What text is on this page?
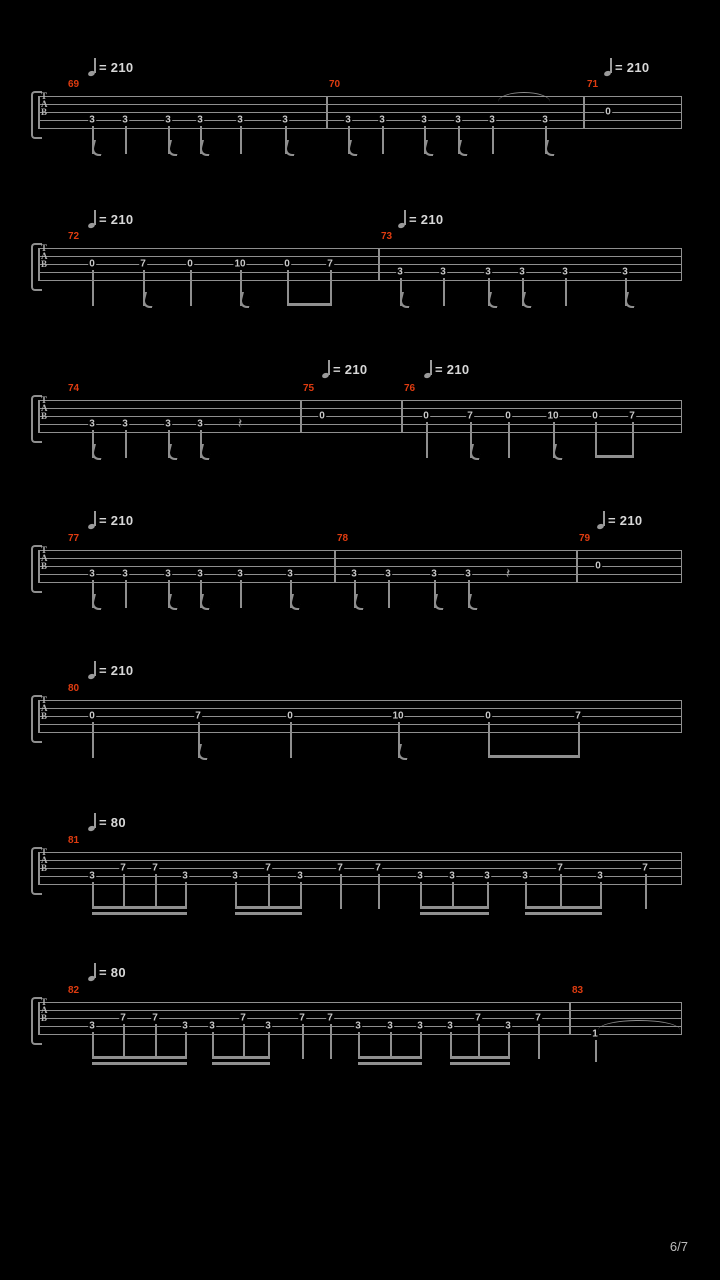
= 210	= 210
T
A
B
69	70	71
3	3	3	3	3	3	3	3	3	3	3	3
0
= 210	= 210
T
A
B
72	73
0	7	0	10	0	7
3	3	3	3	3	3
= 210	= 210
T
A
B
74	75	76
3	3	3	3 𝄽	0	0	7	0	10	0	7
= 210	= 210
T
A
B
77	78	79
3	3	3	3	3	3	3	3	3	3 𝄽	0
= 210
T
A
B
80
0	7	0	10	0	7
= 80
T
A
B
81
3
7	7
3	3
7
3
7	7
3	3	3	3
7
3
7
= 80
T
A
B
82	83
3
7	7
3 3
7
3
7 7
3	3 3 3
7
3
7
1
6/7
